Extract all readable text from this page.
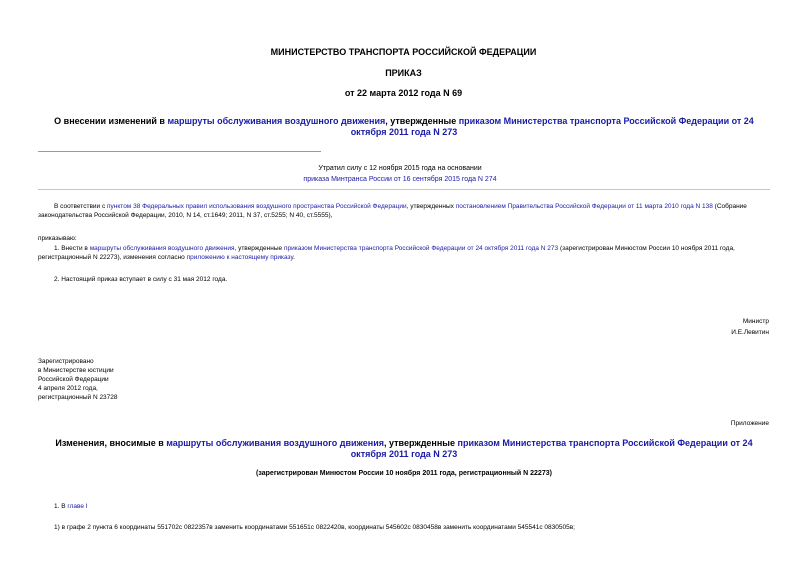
МИНИСТЕРСТВО ТРАНСПОРТА РОССИЙСКОЙ ФЕДЕРАЦИИ
ПРИКАЗ
от 22 марта 2012 года N 69
О внесении изменений в маршруты обслуживания воздушного движения, утвержденные приказом Министерства транспорта Российской Федерации от 24 октября 2011 года N 273
Утратил силу с 12 ноября 2015 года на основании
приказа Минтранса России от 16 сентября 2015 года N 274
В соответствии с пунктом 38 Федеральных правил использования воздушного пространства Российской Федерации, утвержденных постановлением Правительства Российской Федерации от 11 марта 2010 года N 138 (Собрание законодательства Российской Федерации, 2010, N 14, ст.1649; 2011, N 37, ст.5255; N 40, ст.5555),
приказываю:
1. Внести в маршруты обслуживания воздушного движения, утвержденные приказом Министерства транспорта Российской Федерации от 24 октября 2011 года N 273 (зарегистрирован Минюстом России 10 ноября 2011 года, регистрационный N 22273), изменения согласно приложению к настоящему приказу.
2. Настоящий приказ вступает в силу с 31 мая 2012 года.
Министр
И.Е.Левитин
Зарегистрировано
в Министерстве юстиции
Российской Федерации
4 апреля 2012 года,
регистрационный N 23728
Приложение
Изменения, вносимые в маршруты обслуживания воздушного движения, утвержденные приказом Министерства транспорта Российской Федерации от 24 октября 2011 года N 273
(зарегистрирован Минюстом России 10 ноября 2011 года, регистрационный N 22273)
1. В главе I
1) в графе 2 пункта 6 координаты 551702с 0822357в заменить координатами 551651с 0822420в, координаты 545602с 0830458в заменить координатами 545541с 0830505в;
